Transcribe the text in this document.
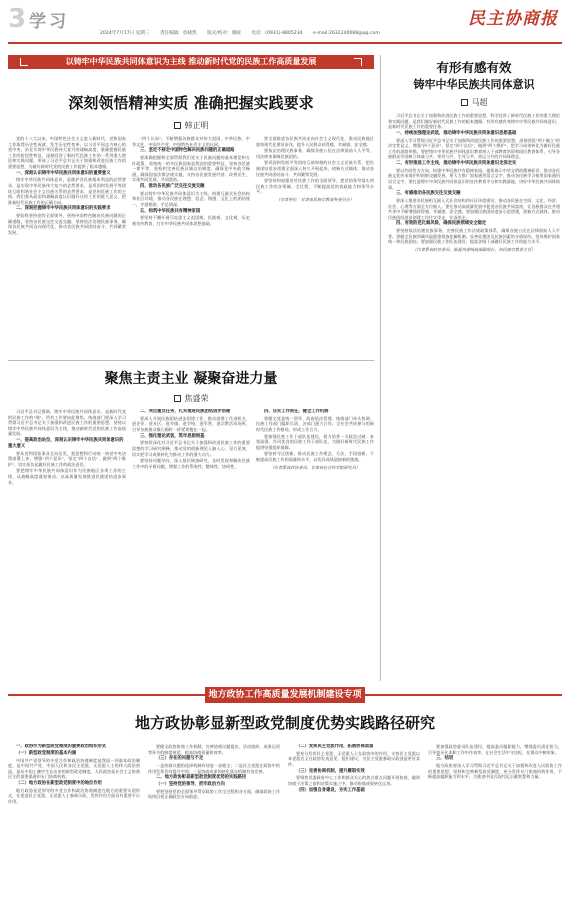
3 学习
2024年7月17日 星期三 责任编辑：詹晓凯 版式/校对：谢骏 电话：(0931)-8805234 e-mail:2632240088@qq.com
民主协商报
以铸牢中华民族共同体意识为主线 推动新时代党的民族工作高质量发展
深刻领悟精神实质 准确把握实践要求
韩正明

党的十八大以来，中国特色社会主义进入新时代，党和国家工作取得历史性成就、发生历史性变革。以习近平同志为核心的党中央，站在实现中华民族伟大复兴的战略高度，准确把握民族工作的阶段性特征，深刻回答了新时代民族工作的一系列重大理论和实践问题，形成了习近平总书记关于加强和改进民族工作的重要思想，为做好新时代党的民族工作提供了根本遵循。

一、深刻认识铸牢中华民族共同体意识的重要意义

铸牢中华民族共同体意识，是维护各民族根本利益的必然要求，是实现中华民族伟大复兴的必然要求，是巩固和发展平等团结互助和谐社会主义民族关系的必然要求，是党的民族工作的主线。我们要从政治和战略高度认识做好这项工作的重大意义，把准新时代民族工作的正确方向。

二、深刻把握铸牢中华民族共同体意识的实践要求

要始终坚持党的全面领导，坚持中国特色解决民族问题的正确道路，坚持各民族交往交流交融，坚持依法治理民族事务，确保各民族共同迈向现代化，推动各民族共同团结奋斗、共同繁荣发展。

"四个认同"，不断增强各族群众对伟大祖国、中华民族、中华文化、中国共产党、中国特色社会主义的认同。

三、坚定不移走中国特色解决民族问题的正确道路

要准确把握和全面贯彻我们党关于民族问题的基本理论和方针政策，坚持统一的多民族国家是我国的重要特征，坚持各民族一律平等，坚持和完善民族区域自治制度，确保党中央政令畅通，确保国家法律法规实施，支持各民族发展经济、改善民生，实现共同发展、共同富裕。

四、推动各民族广泛交往交流交融

要以铸牢中华民族共同体意识为主线，构建互嵌式社会结构和社区环境，推动各民族在理想、信念、情感、文化上的团结统一，守望相助、手足情深。

五、构筑中华民族共有精神家园

要坚持不懈开展马克思主义祖国观、民族观、文化观、历史观宣传教育，打牢中华民族共同体思想基础。

要全面推进各民族共同走向社会主义现代化，推动民族地区加快现代化建设步伐，提升人民群众获得感、幸福感、安全感。

要依法治理民族事务，确保各族公民在法律面前人人平等，用法律来保障民族团结。

要巩固和发展平等团结互助和谐的社会主义民族关系，把民族团结进步创建全面深入持久开展起来，创新方式载体，推动各民族共同团结奋斗、共同繁荣发展。

要坚持和加强党对民族工作的全面领导，把党的领导落实到民族工作的各领域、全过程，不断提高党的执政能力和领导水平。

（作者单位：甘肃省民族宗教事务委员会）

聚焦主责主业 凝聚奋进力量
焦盛荣

习近平总书记强调，铸牢中华民族共同体意识，是新时代党的民族工作的"纲"，所有工作要向此聚焦。统战部门要深入学习贯彻习近平总书记关于加强和改进民族工作的重要思想，坚持以铸牢中华民族共同体意识为主线，推动新时代党的民族工作高质量发展。

一、提高政治站位，深刻认识铸牢中华民族共同体意识的重大意义

要从党和国家事业全局出发，把思想和行动统一到党中央决策部署上来，增强"四个意识"、坚定"四个自信"、做到"两个维护"，切实担负起做好民族工作的政治责任。

要把铸牢中华民族共同体意识作为民族地区各项工作的主线，从战略高度谋划推动，以高质量发展推进民族团结进步事业。

二、突出重点任务，扎实推进民族团结进步创建

要深入开展民族团结进步创建工作，推动创建工作进机关、进企业、进社区、进乡镇、进学校、进军营、进宗教活动场所，引导各族群众像石榴籽一样紧紧抱在一起。

三、强化理论武装，筑牢思想根基

要持续深化对习近平总书记关于加强和改进民族工作的重要思想的学习研究阐释，推动党的创新理论入脑入心、见行见效，切实把学习成果转化为推动工作的强大动力。

要坚持问题导向，深入基层调查研究，及时发现和解决民族工作中的矛盾问题，增强工作的系统性、整体性、协同性。

四、压实工作责任，健全工作机制

要健全党委统一领导、政府依法管理、统战部门牵头协调、民族工作部门履职尽责、各部门通力合作、全社会共同参与的新时代民族工作格局，形成工作合力。

要加强民族工作干部队伍建设，着力培养一支政治过硬、本领高强、作风优良的民族工作干部队伍，为做好新时代民族工作提供坚强组织保障。

要坚持守正创新，推动民族工作理念、方法、手段创新，不断提高民族工作的质量和水平，以优异成绩迎接新的挑战。

（作者系省政协委员、甘肃省社会科学院研究员）

有形有感有效
铸牢中华民族共同体意识
马超

习近平总书记关于加强和改进民族工作的重要思想，科学回答了新时代民族工作的重大理论和实践问题，是我们做好新时代民族工作的根本遵循。有形有感有效铸牢中华民族共同体意识，是新时代民族工作的重要任务。

一、持续加强理论武装，推动铸牢中华民族共同体意识思想基础

要深入学习贯彻习近平总书记关于加强和改进民族工作的重要思想，深刻领悟"两个确立"的决定性意义，增强"四个意识"、坚定"四个自信"、做到"两个维护"，把学习成果转化为做好民族工作的思路举措。要把铸牢中华民族共同体意识教育纳入干部教育培训和国民教育体系，引导各族群众牢固树立休戚与共、荣辱与共、生死与共、命运与共的共同体理念。

二、有形推进工作主线，推动铸牢中华民族共同体意识走深走实

要以共同性为方向，构建中华民族共有精神家园，提炼展示中华文明的精神标识，推动各民族文化传承保护和创新交融发展。要大力推广国家通用语言文字，推动各民族学习使用国家通用语言文字。要打造铸牢中华民族共同体意识的宣传教育平台和实践基地，讲好中华民族共同体故事。

三、有感推动各民族交往交流交融

要深入推进各民族相互嵌入式社会结构和社区环境建设，推动各民族在空间、文化、经济、社会、心理等方面全方位嵌入。要在推动高质量发展中促进各民族共同富裕，让各族群众在共建共享中不断增强获得感、幸福感、安全感。要加强民族团结进步示范创建，创新方式载体，推动民族团结进步创建工作往实里走、往深里走。

四、有效防范化解风险，确保民族领域安全稳定

要坚持依法治理民族事务，完善民族工作法规政策体系，确保各族公民在法律面前人人平等。要健全民族领域风险隐患排查化解机制，妥善处理涉及民族因素的矛盾纠纷，坚决维护国家统一和民族团结。要加强民族工作队伍建设，提高各级干部做好民族工作的能力水平。

（作者系省政协委员、临夏州委统战部副部长、州民族宗教委主任）

地方政协工作高质量发展机制建设专项研究
地方政协彰显新型政党制度优势实践路径研究

一、政协作为新型政党制度的重要政治组织形式

（一）新型政党制度的基本内涵

中国共产党领导的多党合作和政治协商制度是我国一项基本政治制度，是中国共产党、中国人民和各民主党派、无党派人士的伟大政治创造，是从中国土壤中生长出来的新型政党制度。人民政协是社会主义协商民主的重要渠道和专门协商机构。

（二）地方政协在新型政党制度中的地位作用

地方政协是党领导的多党合作和政治协商制度在地方的重要实现形式，在促进民主党派、无党派人士参政议政、发挥作用方面具有重要平台作用。

要健全政协协商工作机制，完善协商议题提出、活动组织、成果运用等环节的制度规范，提高协商质量和效率。

（三）存在的问题与不足

一是协商议题的选择机制有待进一步健全；二是民主党派在政协中的作用发挥仍有提升空间；三是协商成果的转化落实机制有待完善。

二、地方政协彰显新型政党制度优势的实践路径

（一）坚持党的领导，把牢政治方向

要把坚持党的全面领导贯穿政协工作全过程和各方面，确保政协工作始终沿着正确政治方向前进。

（二）发挥民主党派作用，拓展协商渠道

要充分发挥民主党派、无党派人士在政协中的作用，支持民主党派以本党派名义在政协发表意见、提出建议，为民主党派参政议政创造更好条件。

（三）完善协商机制，提升履职实效

要聚焦党委政府中心工作和群众关心的热点难点问题开展协商，做到协商于决策之前和决策实施之中，推动协商成果转化运用。

（四）加强自身建设，夯实工作基础

要加强政协委员队伍建设，提高委员履职能力，增强委员责任担当，引导委员在本职工作中作表率，在社会生活中守法纪，在群众中树形象。

三、结语

地方政协要深入学习贯彻习近平总书记关于加强和改进人民政协工作的重要思想，坚持和完善新型政党制度，充分发挥专门协商机构作用，不断提高履职能力和水平，为推进中国式现代化贡献智慧和力量。
